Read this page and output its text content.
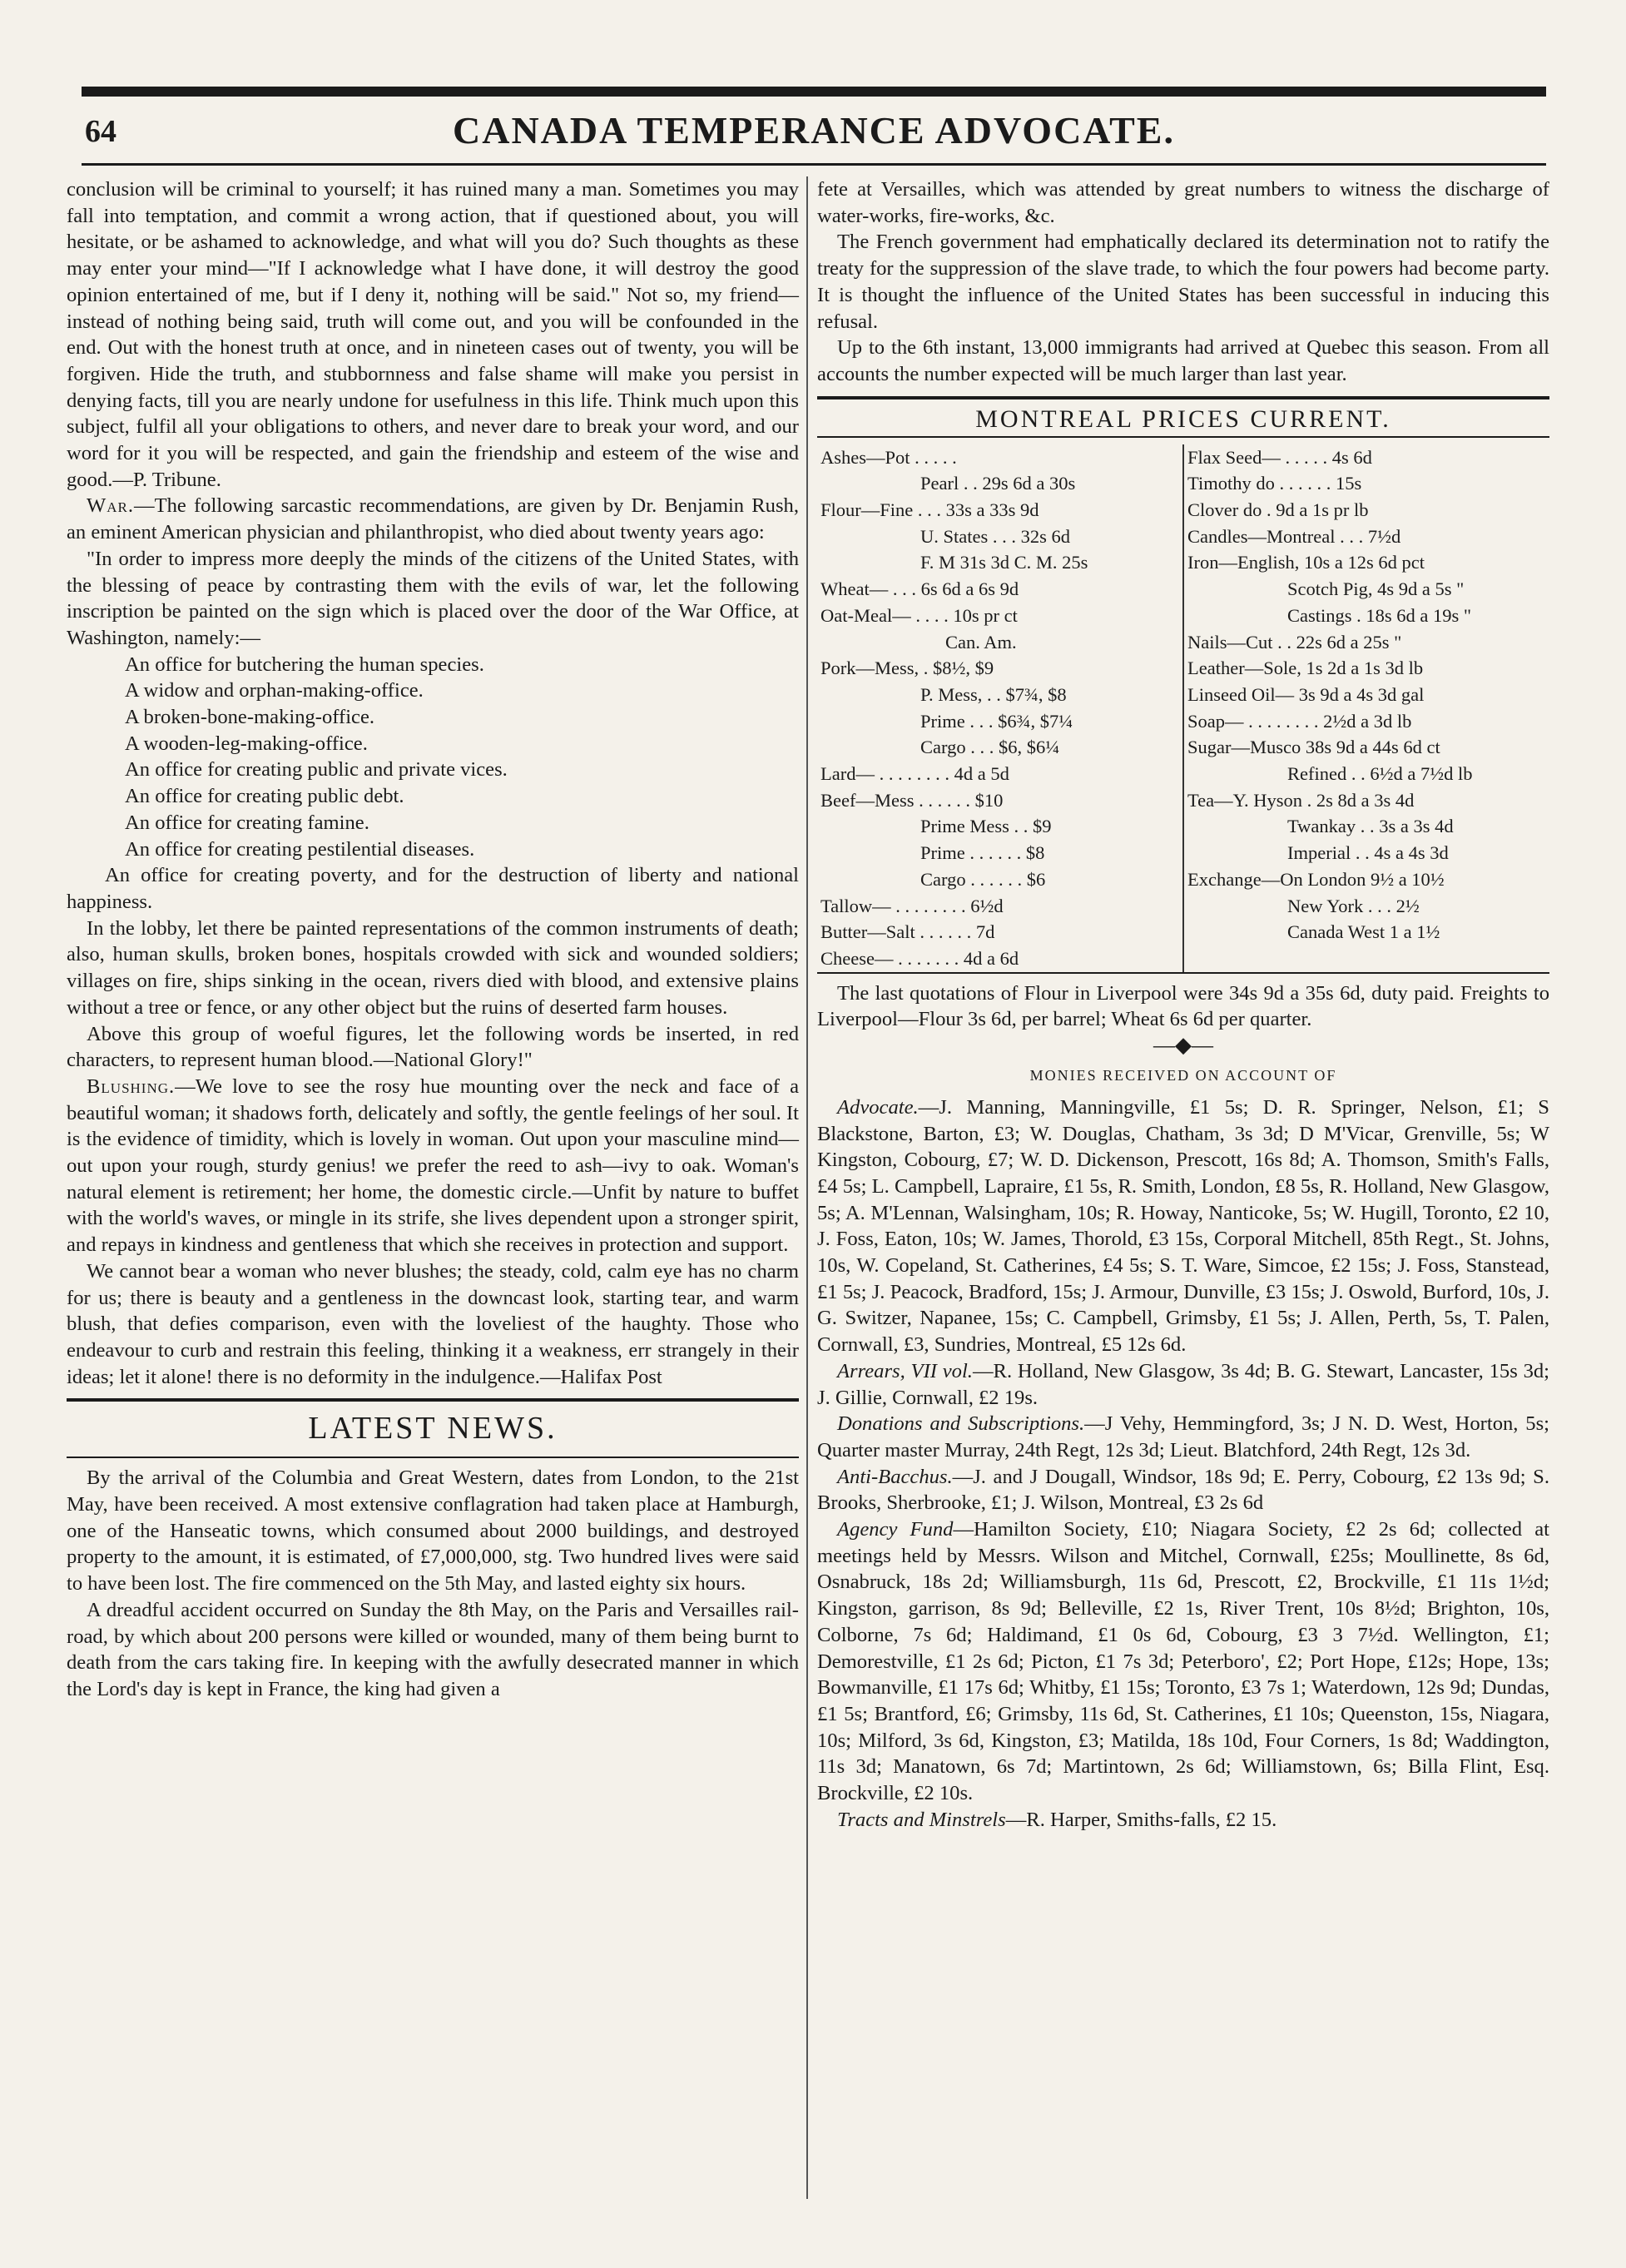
64	CANADA TEMPERANCE ADVOCATE.

conclusion will be criminal to yourself; it has ruined many a man. Sometimes you may fall into temptation, and commit a wrong action, that if questioned about, you will hesitate, or be ashamed to acknowledge, and what will you do? Such thoughts as these may enter your mind—"If I acknowledge what I have done, it will destroy the good opinion entertained of me, but if I deny it, nothing will be said." Not so, my friend—instead of nothing being said, truth will come out, and you will be confounded in the end. Out with the honest truth at once, and in nineteen cases out of twenty, you will be forgiven. Hide the truth, and stubbornness and false shame will make you persist in denying facts, till you are nearly undone for usefulness in this life. Think much upon this subject, fulfil all your obligations to others, and never dare to break your word, and our word for it you will be respected, and gain the friendship and esteem of the wise and good.—P. Tribune.

War.—The following sarcastic recommendations, are given by Dr. Benjamin Rush, an eminent American physician and philanthropist, who died about twenty years ago:

"In order to impress more deeply the minds of the citizens of the United States, with the blessing of peace by contrasting them with the evils of war, let the following inscription be painted on the sign which is placed over the door of the War Office, at Washington, namely:—

An office for butchering the human species.
A widow and orphan-making-office.
A broken-bone-making-office.
A wooden-leg-making-office.
An office for creating public and private vices.
An office for creating public debt.
An office for creating famine.
An office for creating pestilential diseases.

An office for creating poverty, and for the destruction of liberty and national happiness.

In the lobby, let there be painted representations of the common instruments of death; also, human skulls, broken bones, hospitals crowded with sick and wounded soldiers; villages on fire, ships sinking in the ocean, rivers died with blood, and extensive plains without a tree or fence, or any other object but the ruins of deserted farm houses.

Above this group of woeful figures, let the following words be inserted, in red characters, to represent human blood.—National Glory!"

Blushing.—We love to see the rosy hue mounting over the neck and face of a beautiful woman; it shadows forth, delicately and softly, the gentle feelings of her soul. It is the evidence of timidity, which is lovely in woman. Out upon your masculine mind—out upon your rough, sturdy genius! we prefer the reed to ash—ivy to oak. Woman's natural element is retirement; her home, the domestic circle.—Unfit by nature to buffet with the world's waves, or mingle in its strife, she lives dependent upon a stronger spirit, and repays in kindness and gentleness that which she receives in protection and support.

We cannot bear a woman who never blushes; the steady, cold, calm eye has no charm for us; there is beauty and a gentleness in the downcast look, starting tear, and warm blush, that defies comparison, even with the loveliest of the haughty. Those who endeavour to curb and restrain this feeling, thinking it a weakness, err strangely in their ideas; let it alone! there is no deformity in the indulgence.—Halifax Post

LATEST NEWS.

By the arrival of the Columbia and Great Western, dates from London, to the 21st May, have been received. A most extensive conflagration had taken place at Hamburgh, one of the Hanseatic towns, which consumed about 2000 buildings, and destroyed property to the amount, it is estimated, of £7,000,000, stg. Two hundred lives were said to have been lost. The fire commenced on the 5th May, and lasted eighty six hours.

A dreadful accident occurred on Sunday the 8th May, on the Paris and Versailles rail-road, by which about 200 persons were killed or wounded, many of them being burnt to death from the cars taking fire. In keeping with the awfully desecrated manner in which the Lord's day is kept in France, the king had given a

fete at Versailles, which was attended by great numbers to witness the discharge of water-works, fire-works, &c.

The French government had emphatically declared its determination not to ratify the treaty for the suppression of the slave trade, to which the four powers had become party. It is thought the influence of the United States has been successful in inducing this refusal.

Up to the 6th instant, 13,000 immigrants had arrived at Quebec this season. From all accounts the number expected will be much larger than last year.

MONTREAL PRICES CURRENT.
Ashes—Pot . . . . .
Pearl . . 29s 6d a 30s
Flour—Fine . . . 33s a 33s 9d
U. States . . . 32s 6d
F. M 31s 3d C. M. 25s
Wheat— . . . 6s 6d a 6s 9d
Oat-Meal— . . . . 10s pr ct
Can. Am.
Pork—Mess, . $8½, $9
P. Mess, . . $7¾, $8
Prime . . . $6¾, $7¼
Cargo . . . $6, $6¼
Lard— . . . . . . . . 4d a 5d
Beef—Mess . . . . . . $10
Prime Mess . . $9
Prime . . . . . . $8
Cargo . . . . . . $6
Tallow— . . . . . . . . 6½d
Butter—Salt . . . . . . 7d
Cheese— . . . . . . . 4d a 6d

Flax Seed— . . . . . 4s 6d
Timothy do . . . . . . 15s
Clover do . 9d a 1s pr lb
Candles—Montreal . . . 7½d
Iron—English, 10s a 12s 6d pct
Scotch Pig, 4s 9d a 5s "
Castings . 18s 6d a 19s "
Nails—Cut . . 22s 6d a 25s "
Leather—Sole, 1s 2d a 1s 3d lb
Linseed Oil— 3s 9d a 4s 3d gal
Soap— . . . . . . . . 2½d a 3d lb
Sugar—Musco 38s 9d a 44s 6d ct
Refined . . 6½d a 7½d lb
Tea—Y. Hyson . 2s 8d a 3s 4d
Twankay . . 3s a 3s 4d
Imperial . . 4s a 4s 3d
Exchange—On London 9½ a 10½
New York . . . 2½
Canada West 1 a 1½

The last quotations of Flour in Liverpool were 34s 9d a 35s 6d, duty paid. Freights to Liverpool—Flour 3s 6d, per barrel; Wheat 6s 6d per quarter.

—◆—
MONIES RECEIVED ON ACCOUNT OF

Advocate.—J. Manning, Manningville, £1 5s; D. R. Springer, Nelson, £1; S Blackstone, Barton, £3; W. Douglas, Chatham, 3s 3d; D M'Vicar, Grenville, 5s; W Kingston, Cobourg, £7; W. D. Dickenson, Prescott, 16s 8d; A. Thomson, Smith's Falls, £4 5s; L. Campbell, Lapraire, £1 5s, R. Smith, London, £8 5s, R. Holland, New Glasgow, 5s; A. M'Lennan, Walsingham, 10s; R. Howay, Nanticoke, 5s; W. Hugill, Toronto, £2 10, J. Foss, Eaton, 10s; W. James, Thorold, £3 15s, Corporal Mitchell, 85th Regt., St. Johns, 10s, W. Copeland, St. Catherines, £4 5s; S. T. Ware, Simcoe, £2 15s; J. Foss, Stanstead, £1 5s; J. Peacock, Bradford, 15s; J. Armour, Dunville, £3 15s; J. Oswold, Burford, 10s, J. G. Switzer, Napanee, 15s; C. Campbell, Grimsby, £1 5s; J. Allen, Perth, 5s, T. Palen, Cornwall, £3, Sundries, Montreal, £5 12s 6d.

Arrears, VII vol.—R. Holland, New Glasgow, 3s 4d; B. G. Stewart, Lancaster, 15s 3d; J. Gillie, Cornwall, £2 19s.

Donations and Subscriptions.—J Vehy, Hemmingford, 3s; J N. D. West, Horton, 5s; Quarter master Murray, 24th Regt, 12s 3d; Lieut. Blatchford, 24th Regt, 12s 3d.

Anti-Bacchus.—J. and J Dougall, Windsor, 18s 9d; E. Perry, Cobourg, £2 13s 9d; S. Brooks, Sherbrooke, £1; J. Wilson, Montreal, £3 2s 6d

Agency Fund—Hamilton Society, £10; Niagara Society, £2 2s 6d; collected at meetings held by Messrs. Wilson and Mitchel, Cornwall, £25s; Moullinette, 8s 6d, Osnabruck, 18s 2d; Williamsburgh, 11s 6d, Prescott, £2, Brockville, £1 11s 1½d; Kingston, garrison, 8s 9d; Belleville, £2 1s, River Trent, 10s 8½d; Brighton, 10s, Colborne, 7s 6d; Haldimand, £1 0s 6d, Cobourg, £3 3 7½d. Wellington, £1; Demorestville, £1 2s 6d; Picton, £1 7s 3d; Peterboro', £2; Port Hope, £12s; Hope, 13s; Bowmanville, £1 17s 6d; Whitby, £1 15s; Toronto, £3 7s 1; Waterdown, 12s 9d; Dundas, £1 5s; Brantford, £6; Grimsby, 11s 6d, St. Catherines, £1 10s; Queenston, 15s, Niagara, 10s; Milford, 3s 6d, Kingston, £3; Matilda, 18s 10d, Four Corners, 1s 8d; Waddington, 11s 3d; Manatown, 6s 7d; Martintown, 2s 6d; Williamstown, 6s; Billa Flint, Esq. Brockville, £2 10s.

Tracts and Minstrels—R. Harper, Smiths-falls, £2 15.
